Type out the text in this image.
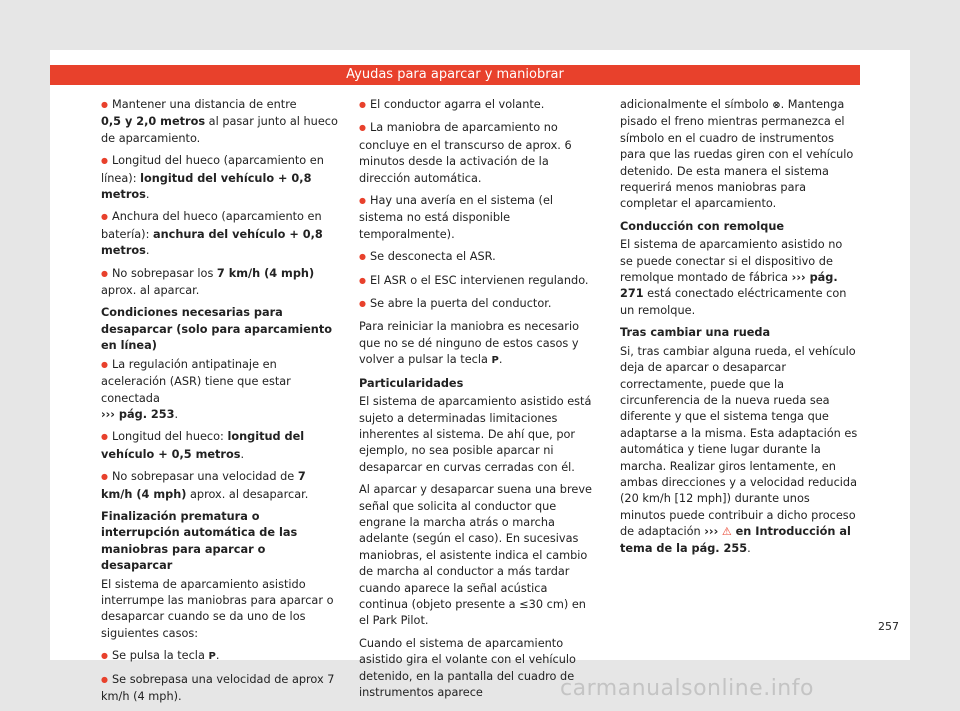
Ayudas para aparcar y maniobrar

● Mantener una distancia de entre
0,5 y 2,0 metros al pasar junto al hueco de aparcamiento.

● Longitud del hueco (aparcamiento en línea): longitud del vehículo + 0,8 metros.

● Anchura del hueco (aparcamiento en batería): anchura del vehículo + 0,8 metros.

● No sobrepasar los 7 km/h (4 mph) aprox. al aparcar.

Condiciones necesarias para desaparcar (solo para aparcamiento en línea)

● La regulación antipatinaje en aceleración (ASR) tiene que estar conectada
››› pág. 253.

● Longitud del hueco: longitud del vehículo + 0,5 metros.

● No sobrepasar una velocidad de 7 km/h (4 mph) aprox. al desaparcar.

Finalización prematura o interrupción automática de las maniobras para aparcar o desaparcar

El sistema de aparcamiento asistido interrumpe las maniobras para aparcar o desaparcar cuando se da uno de los siguientes casos:

● Se pulsa la tecla P.

● Se sobrepasa una velocidad de aprox 7 km/h (4 mph).

● El conductor agarra el volante.

● La maniobra de aparcamiento no concluye en el transcurso de aprox. 6 minutos desde la activación de la dirección automática.

● Hay una avería en el sistema (el sistema no está disponible temporalmente).

● Se desconecta el ASR.

● El ASR o el ESC intervienen regulando.

● Se abre la puerta del conductor.

Para reiniciar la maniobra es necesario que no se dé ninguno de estos casos y volver a pulsar la tecla P.

Particularidades

El sistema de aparcamiento asistido está sujeto a determinadas limitaciones inherentes al sistema. De ahí que, por ejemplo, no sea posible aparcar ni desaparcar en curvas cerradas con él.

Al aparcar y desaparcar suena una breve señal que solicita al conductor que engrane la marcha atrás o marcha adelante (según el caso). En sucesivas maniobras, el asistente indica el cambio de marcha al conductor a más tardar cuando aparece la señal acústica continua (objeto presente a ≤30 cm) en el Park Pilot.

Cuando el sistema de aparcamiento asistido gira el volante con el vehículo detenido, en la pantalla del cuadro de instrumentos aparece

adicionalmente el símbolo ⊗. Mantenga pisado el freno mientras permanezca el símbolo en el cuadro de instrumentos para que las ruedas giren con el vehículo detenido. De esta manera el sistema requerirá menos maniobras para completar el aparcamiento.

Conducción con remolque

El sistema de aparcamiento asistido no se puede conectar si el dispositivo de remolque montado de fábrica ››› pág. 271 está conectado eléctricamente con un remolque.

Tras cambiar una rueda

Si, tras cambiar alguna rueda, el vehículo deja de aparcar o desaparcar correctamente, puede que la circunferencia de la nueva rueda sea diferente y que el sistema tenga que adaptarse a la misma. Esta adaptación es automática y tiene lugar durante la marcha. Realizar giros lentamente, en ambas direcciones y a velocidad reducida (20 km/h [12 mph]) durante unos minutos puede contribuir a dicho proceso de adaptación ››› ⚠ en Introducción al tema de la pág. 255.

257
carmanualsonline.info
